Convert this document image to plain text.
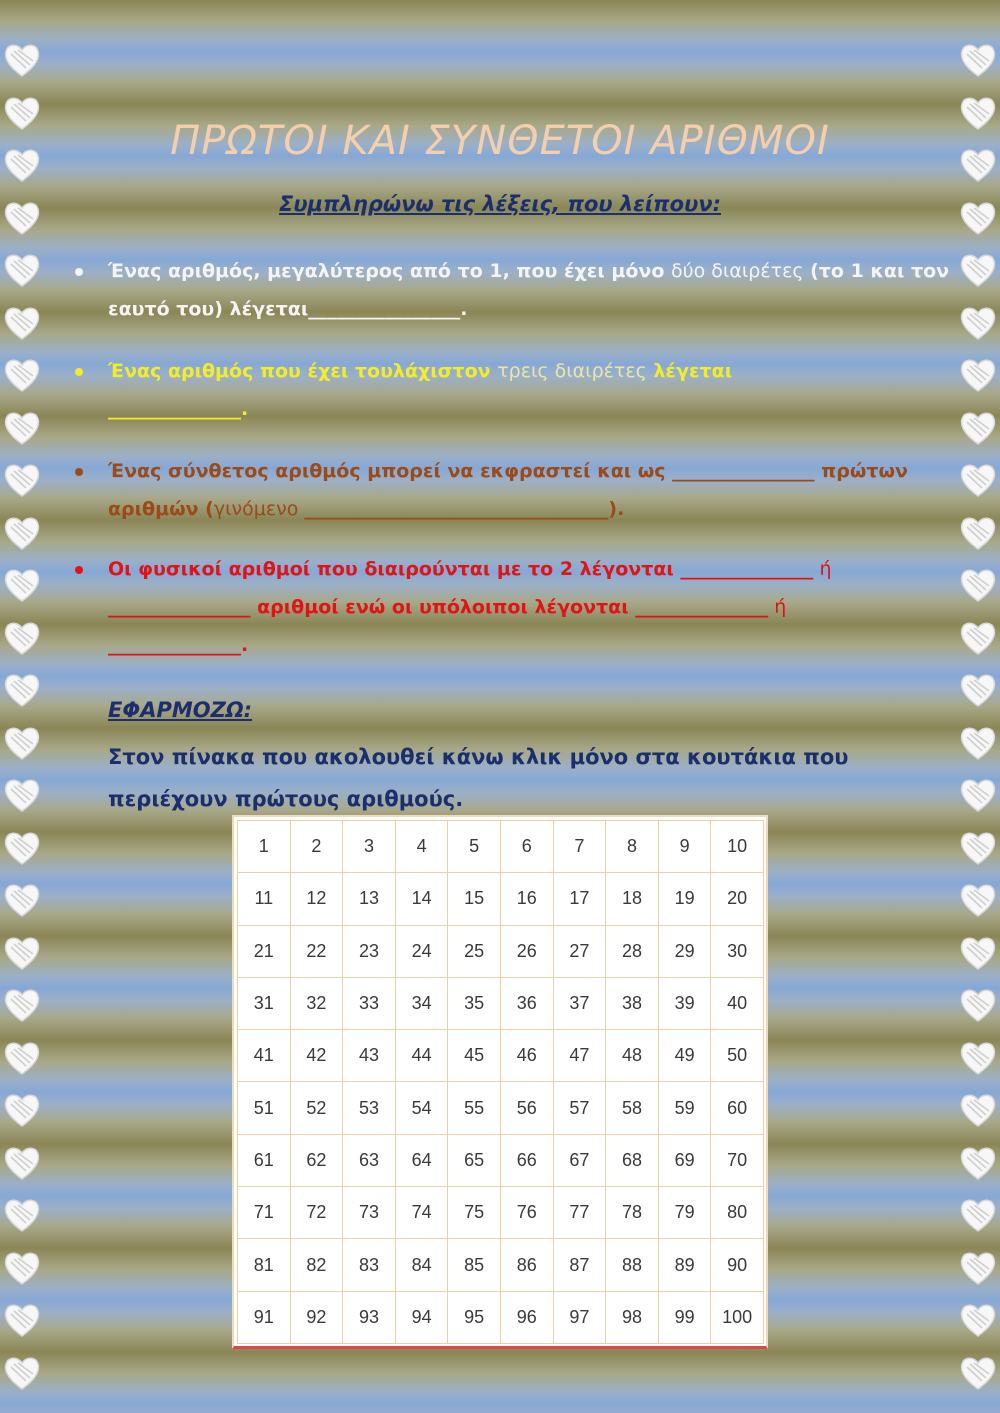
ΠΡΩΤΟΙ ΚΑΙ ΣΥΝΘΕΤΟΙ ΑΡΙΘΜΟΙ

Συμπληρώνω τις λέξεις, που λείπουν:

Ένας αριθμός, μεγαλύτερος από το 1, που έχει μόνο δύο διαιρέτες (το 1 και τον εαυτό του) λέγεται________________.
Ένας αριθμός που έχει τουλάχιστον τρεις διαιρέτες λέγεται
______________.
Ένας σύνθετος αριθμός μπορεί να εκφραστεί και ως _______________ πρώτων αριθμών (γινόμενο ________________________________).
Οι φυσικοί αριθμοί που διαιρούνται με το 2 λέγονται ______________ ή
_______________ αριθμοί ενώ οι υπόλοιποι λέγονται ______________ ή
______________.

ΕΦΑΡΜΟΖΩ:

Στον πίνακα που ακολουθεί κάνω κλικ μόνο στα κουτάκια που περιέχουν πρώτους αριθμούς.

1	2	3	4	5	6	7	8	9	10
11	12	13	14	15	16	17	18	19	20
21	22	23	24	25	26	27	28	29	30
31	32	33	34	35	36	37	38	39	40
41	42	43	44	45	46	47	48	49	50
51	52	53	54	55	56	57	58	59	60
61	62	63	64	65	66	67	68	69	70
71	72	73	74	75	76	77	78	79	80
81	82	83	84	85	86	87	88	89	90
91	92	93	94	95	96	97	98	99	100
